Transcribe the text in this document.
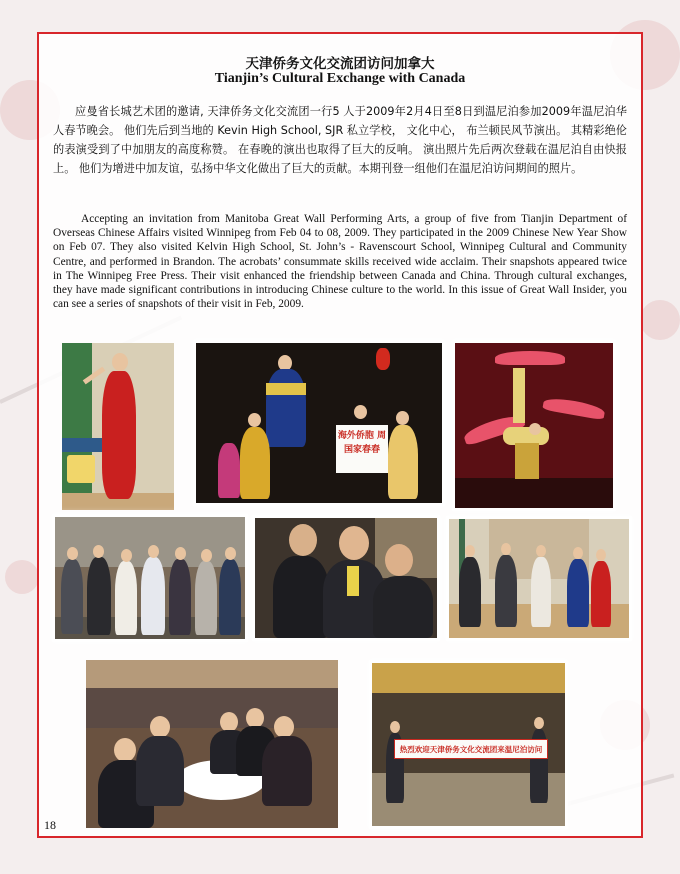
天津侨务文化交流团访问加拿大
Tianjin’s Cultural Exchange with Canada
应曼省长城艺术团的邀请, 天津侨务文化交流团一行5 人于2009年2月4日至8日到温尼泊参加2009年温尼泊华人春节晚会。 他们先后到当地的 Kevin High School, SJR 私立学校， 文化中心， 布兰顿民风节演出。 其精彩绝伦的表演受到了中加朋友的高度称赞。 在春晚的演出也取得了巨大的反响。 演出照片先后两次登载在温尼泊自由快报上。 他们为增进中加友谊，弘扬中华文化做出了巨大的贡献。本期刊登一组他们在温尼泊访问期间的照片。
Accepting an invitation from Manitoba Great Wall Performing Arts, a group of five from Tianjin Department of Overseas Chinese Affairs visited Winnipeg from Feb 04 to 08, 2009. They participated in the 2009 Chinese New Year Show on Feb 07. They also visited Kelvin High School, St. John’s - Ravenscourt School, Winnipeg Cultural and Community Centre, and performed in Brandon. The acrobats’ consummate skills received wide acclaim. Their snapshots appeared twice in The Winnipeg Free Press. Their visit enhanced the friendship between Canada and China. Through cultural exchanges, they have made significant contributions in introducing Chinese culture to the world. In this issue of Great Wall Insider, you can see a series of snapshots of their visit in Feb, 2009.
18
海外侨胞 周国家春春
热烈欢迎天津侨务文化交流团来温尼泊访问
